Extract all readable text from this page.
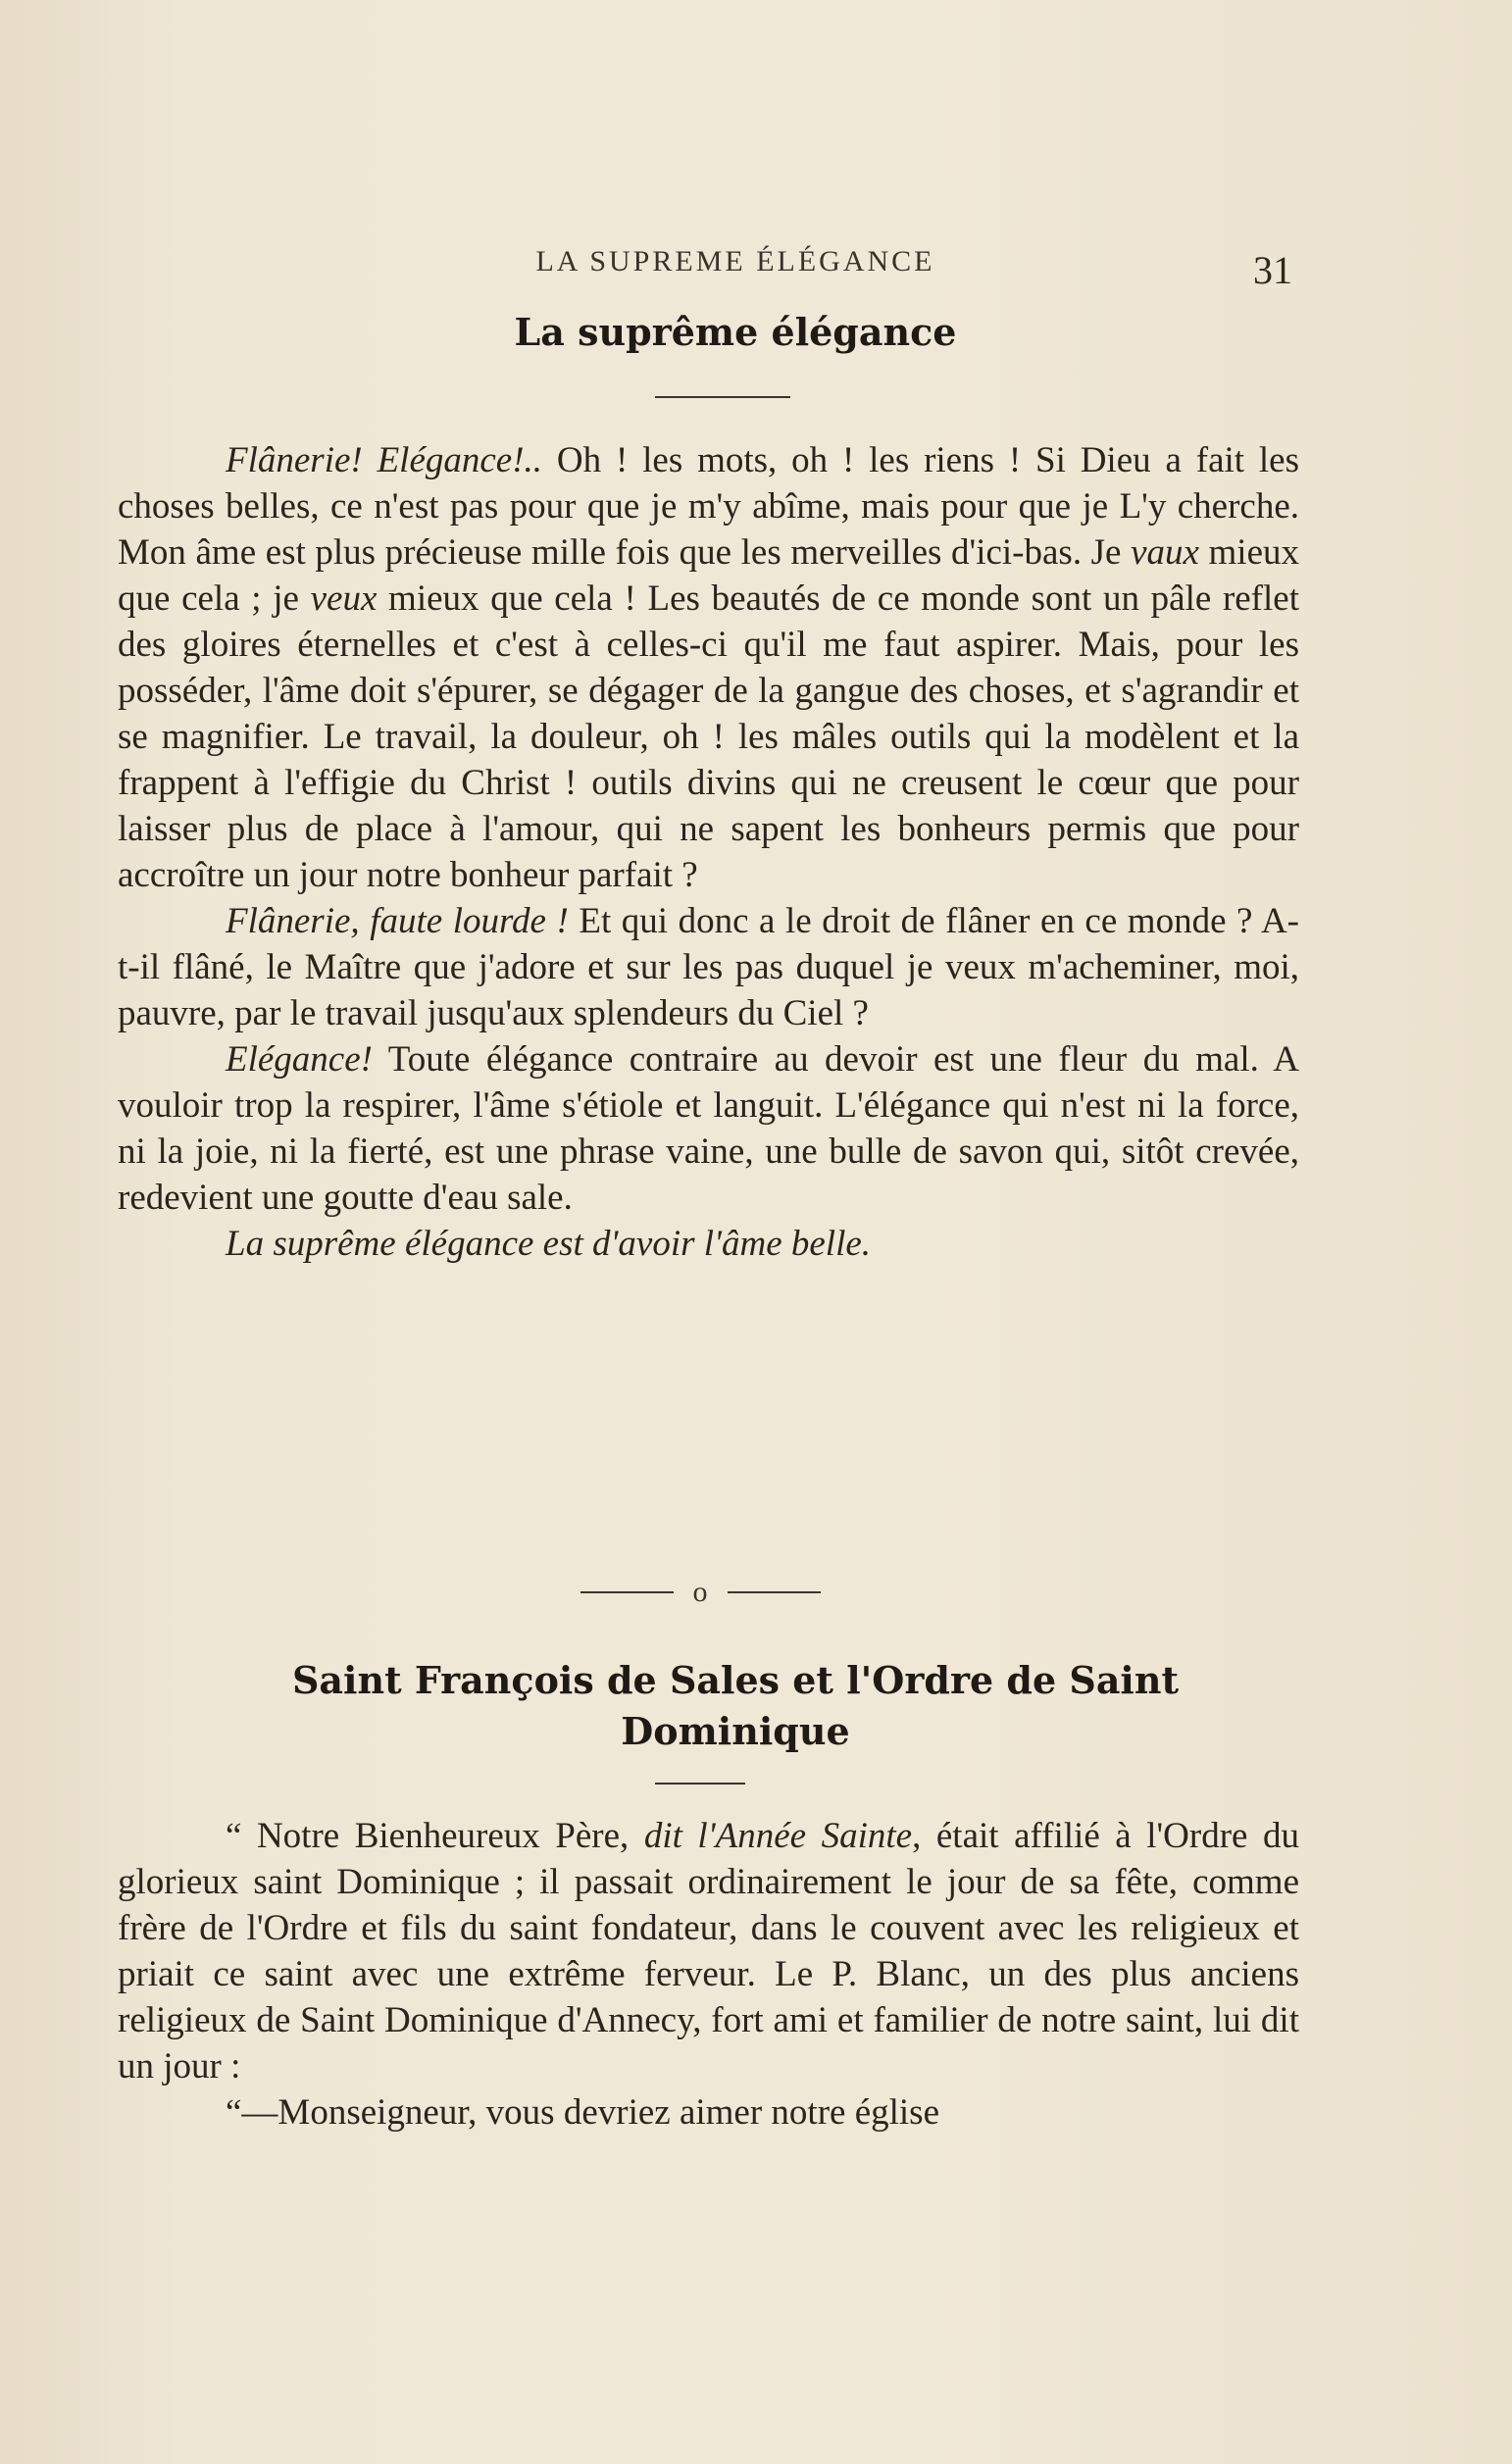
LA SUPREME ÉLÉGANCE	31
La suprême élégance

Flânerie! Elégance!.. Oh ! les mots, oh ! les riens ! Si Dieu a fait les choses belles, ce n'est pas pour que je m'y abîme, mais pour que je L'y cherche. Mon âme est plus précieuse mille fois que les merveilles d'ici-bas. Je vaux mieux que cela ; je veux mieux que cela ! Les beautés de ce monde sont un pâle reflet des gloires éternelles et c'est à celles-ci qu'il me faut aspirer. Mais, pour les posséder, l'âme doit s'épurer, se dégager de la gangue des choses, et s'agrandir et se magnifier. Le travail, la douleur, oh ! les mâles outils qui la modèlent et la frappent à l'effigie du Christ ! outils divins qui ne creusent le cœur que pour laisser plus de place à l'amour, qui ne sapent les bonheurs permis que pour accroître un jour notre bonheur parfait ?

Flânerie, faute lourde ! Et qui donc a le droit de flâner en ce monde ? A-t-il flâné, le Maître que j'adore et sur les pas duquel je veux m'acheminer, moi, pauvre, par le travail jusqu'aux splendeurs du Ciel ?

Elégance! Toute élégance contraire au devoir est une fleur du mal. A vouloir trop la respirer, l'âme s'étiole et languit. L'élégance qui n'est ni la force, ni la joie, ni la fierté, est une phrase vaine, une bulle de savon qui, sitôt crevée, redevient une goutte d'eau sale.

La suprême élégance est d'avoir l'âme belle.

o
Saint François de Sales et l'Ordre de Saint Dominique

“ Notre Bienheureux Père, dit l'Année Sainte, était affilié à l'Ordre du glorieux saint Dominique ; il passait ordinairement le jour de sa fête, comme frère de l'Ordre et fils du saint fondateur, dans le couvent avec les religieux et priait ce saint avec une extrême ferveur. Le P. Blanc, un des plus anciens religieux de Saint Dominique d'Annecy, fort ami et familier de notre saint, lui dit un jour :

“—Monseigneur, vous devriez aimer notre église
